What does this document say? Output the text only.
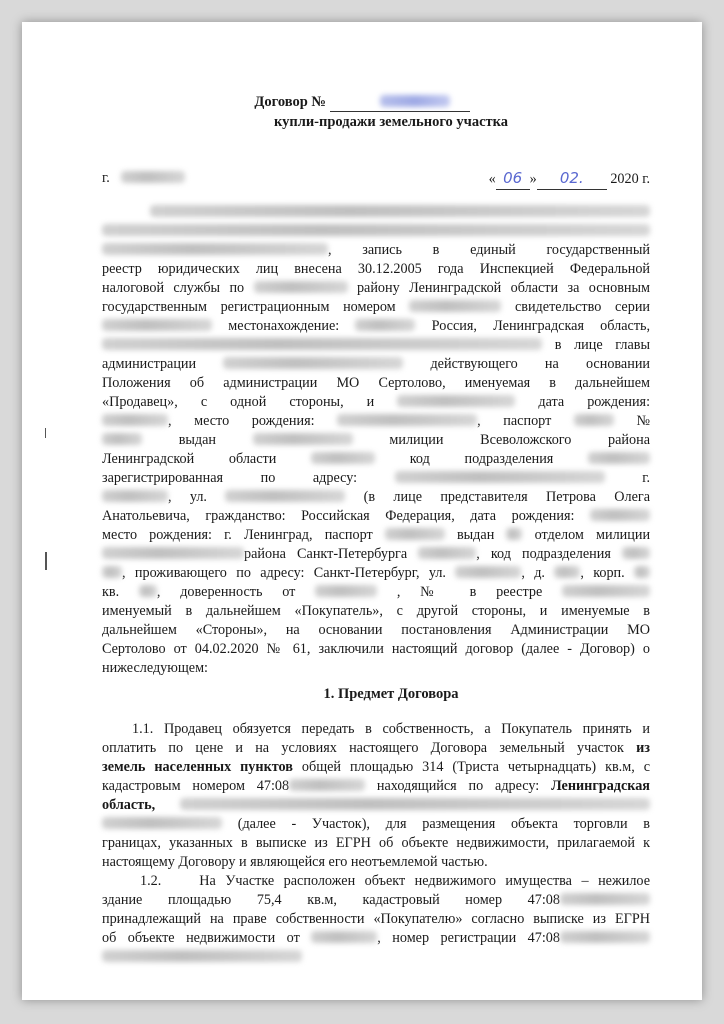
Договор №
купли-продажи земельного участка
г.	« 06 » 02. 2020 г.
, запись в единый государственный
реестр юридических лиц внесена 30.12.2005 года Инспекцией Федеральной
налоговой службы по	району Ленинградской области за основным
государственным регистрационным номером	свидетельство серии
местонахождение:	Россия, Ленинградская область,
в лице главы
администрации	действующего на основании
Положения об администрации МО Сертолово, именуемая в дальнейшем
«Продавец», с одной стороны, и	дата рождения:
, место рождения:	, паспорт	№
выдан	милиции Всеволожского района
Ленинградской области	код подразделения
зарегистрированная по адресу:	г.
, ул.	(в лице представителя Петрова Олега
Анатольевича, гражданство: Российская Федерация, дата рождения:
место рождения: г. Ленинград, паспорт	выдан	отделом милиции
района Санкт-Петербурга	, код подразделения
, проживающего по адресу: Санкт-Петербург, ул.	, д. , корп.
кв.	, доверенность от	, № в реестре
именуемый в дальнейшем «Покупатель», с другой стороны, и именуемые в
дальнейшем «Стороны», на основании постановления Администрации МО
Сертолово от 04.02.2020 № 61, заключили настоящий договор (далее - Договор) о
нижеследующем:
1. Предмет Договора
1.1. Продавец обязуется передать в собственность, а Покупатель принять и
оплатить по цене и на условиях настоящего Договора земельный участок из
земель населенных пунктов общей площадью 314 (Триста четырнадцать) кв.м, с
кадастровым номером 47:08	находящийся по адресу: Ленинградская
область,
(далее - Участок), для размещения объекта торговли в
границах, указанных в выписке из ЕГРН об объекте недвижимости, прилагаемой к
настоящему Договору и являющейся его неотъемлемой частью.
1.2.    На Участке расположен объект недвижимого имущества – нежилое
здание площадью 75,4 кв.м, кадастровый номер 47:08
принадлежащий на праве собственности «Покупателю» согласно выписке из ЕГРН
об объекте недвижимости от	, номер регистрации 47:08
